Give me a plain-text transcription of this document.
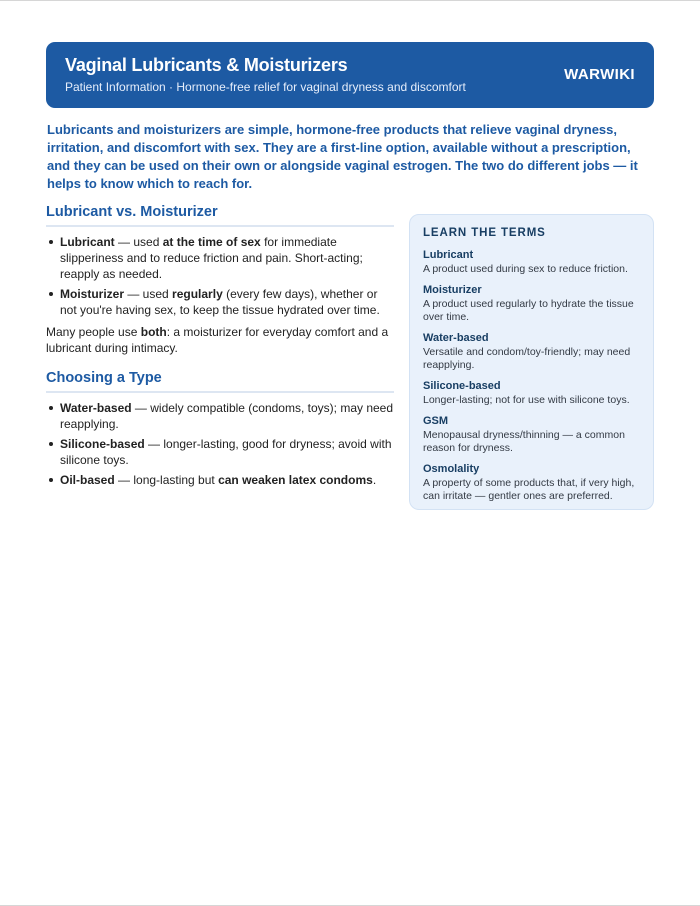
Vaginal Lubricants & Moisturizers
Patient Information · Hormone-free relief for vaginal dryness and discomfort
WARWIKI

Lubricants and moisturizers are simple, hormone-free products that relieve vaginal dryness, irritation, and discomfort with sex. They are a first-line option, available without a prescription, and they can be used on their own or alongside vaginal estrogen. The two do different jobs — it helps to know which to reach for.

Lubricant vs. Moisturizer
Lubricant — used at the time of sex for immediate slipperiness and to reduce friction and pain. Short-acting; reapply as needed.
Moisturizer — used regularly (every few days), whether or not you're having sex, to keep the tissue hydrated over time.

Many people use both: a moisturizer for everyday comfort and a lubricant during intimacy.

Choosing a Type
Water-based — widely compatible (condoms, toys); may need reapplying.
Silicone-based — longer-lasting, good for dryness; avoid with silicone toys.
Oil-based — long-lasting but can weaken latex condoms.
LEARN THE TERMS
Lubricant
A product used during sex to reduce friction.
Moisturizer
A product used regularly to hydrate the tissue over time.
Water-based
Versatile and condom/toy-friendly; may need reapplying.
Silicone-based
Longer-lasting; not for use with silicone toys.
GSM
Menopausal dryness/thinning — a common reason for dryness.
Osmolality
A property of some products that, if very high, can irritate — gentler ones are preferred.
